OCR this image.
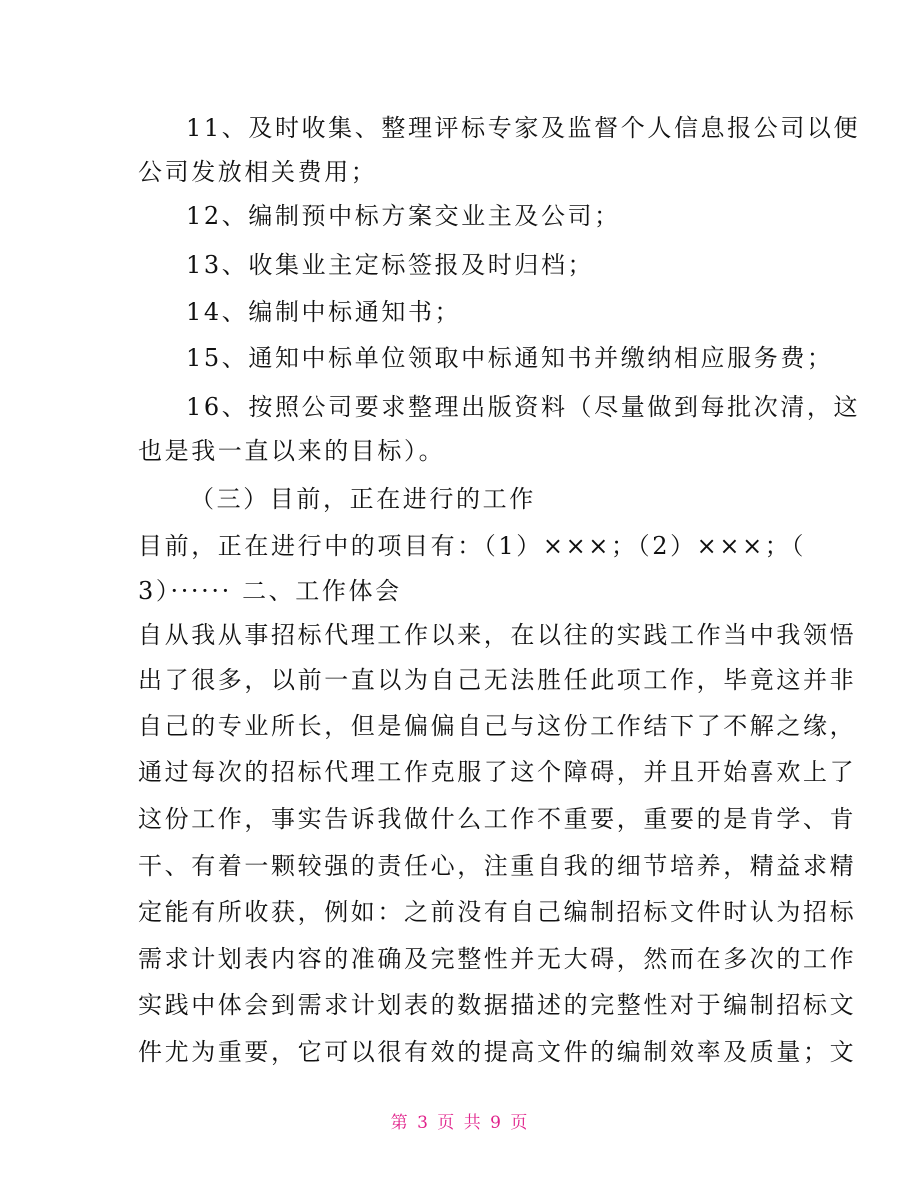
11、及时收集、整理评标专家及监督个人信息报公司以便
公司发放相关费用；
12、编制预中标方案交业主及公司；
13、收集业主定标签报及时归档；
14、编制中标通知书；
15、通知中标单位领取中标通知书并缴纳相应服务费；
16、按照公司要求整理出版资料（尽量做到每批次清，这
也是我一直以来的目标）。
（三）目前，正在进行的工作
目前，正在进行中的项目有：（1）×××；（2）×××；（
3）······ 二、工作体会
自从我从事招标代理工作以来，在以往的实践工作当中我领悟
出了很多，以前一直以为自己无法胜任此项工作，毕竟这并非
自己的专业所长，但是偏偏自己与这份工作结下了不解之缘，
通过每次的招标代理工作克服了这个障碍，并且开始喜欢上了
这份工作，事实告诉我做什么工作不重要，重要的是肯学、肯
干、有着一颗较强的责任心，注重自我的细节培养，精益求精
定能有所收获，例如：之前没有自己编制招标文件时认为招标
需求计划表内容的准确及完整性并无大碍，然而在多次的工作
实践中体会到需求计划表的数据描述的完整性对于编制招标文
件尤为重要，它可以很有效的提高文件的编制效率及质量；文
第 3 页 共 9 页
